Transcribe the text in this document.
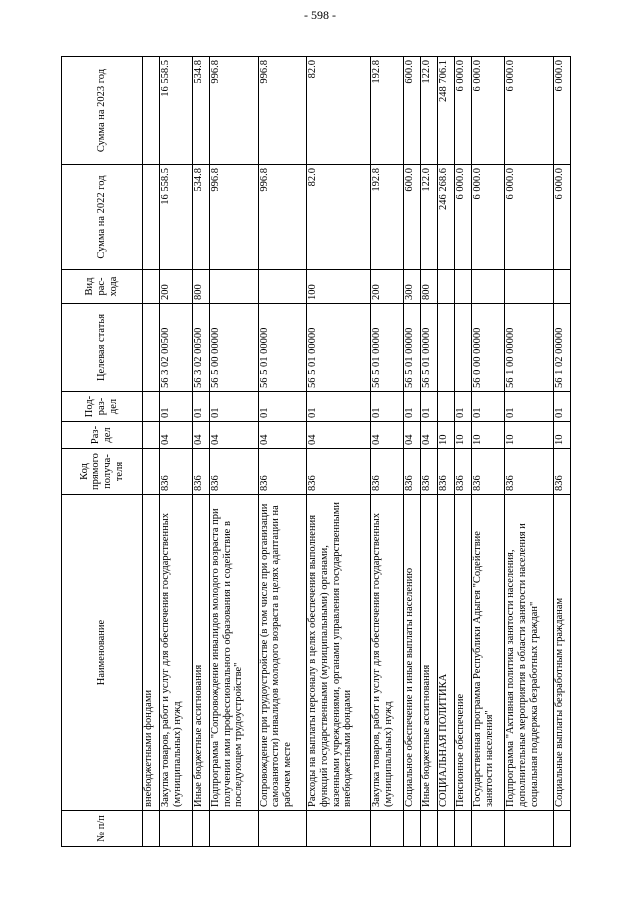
- 598 -
№ п/п	Наименование	Код прямого получа-теля	Раз-дел	Под-раз-дел	Целевая статья	Вид рас-хода	Сумма на 2022 год	Сумма на 2023 год
	внебюджетными фондами							
	Закупка товаров, работ и услуг для обеспечения государственных (муниципальных) нужд	836	04	01	56 3 02 00500	200	16 558.5	16 558.5
	Иные бюджетные ассигнования	836	04	01	56 3 02 00500	800	534.8	534.8
	Подпрограмма "Сопровождение инвалидов молодого возраста при получении ими профессионального образования и содействие в последующем трудоустройстве"	836	04	01	56 5 00 00000		996.8	996.8
	Сопровождение при трудоустройстве (в том числе при организации самозанятости) инвалидов молодого возраста в целях адаптации на рабочем месте	836	04	01	56 5 01 00000		996.8	996.8
	Расходы на выплаты персоналу в целях обеспечения выполнения функций государственными (муниципальными) органами, казенными учреждениями, органами управления государственными внебюджетными фондами	836	04	01	56 5 01 00000	100	82.0	82.0
	Закупка товаров, работ и услуг для обеспечения государственных (муниципальных) нужд	836	04	01	56 5 01 00000	200	192.8	192.8
	Социальное обеспечение и иные выплаты населению	836	04	01	56 5 01 00000	300	600.0	600.0
	Иные бюджетные ассигнования	836	04	01	56 5 01 00000	800	122.0	122.0
	СОЦИАЛЬНАЯ ПОЛИТИКА	836	10				246 268.6	248 706.1
	Пенсионное обеспечение	836	10	01			6 000.0	6 000.0
	Государственная программа Республики Адыгея "Содействие занятости населения"	836	10	01	56 0 00 00000		6 000.0	6 000.0
	Подпрограмма "Активная политика занятости населения, дополнительные мероприятия в области занятости населения и социальная поддержка безработных граждан"	836	10	01	56 1 00 00000		6 000.0	6 000.0
	Социальные выплаты безработным гражданам	836	10	01	56 1 02 00000		6 000.0	6 000.0
